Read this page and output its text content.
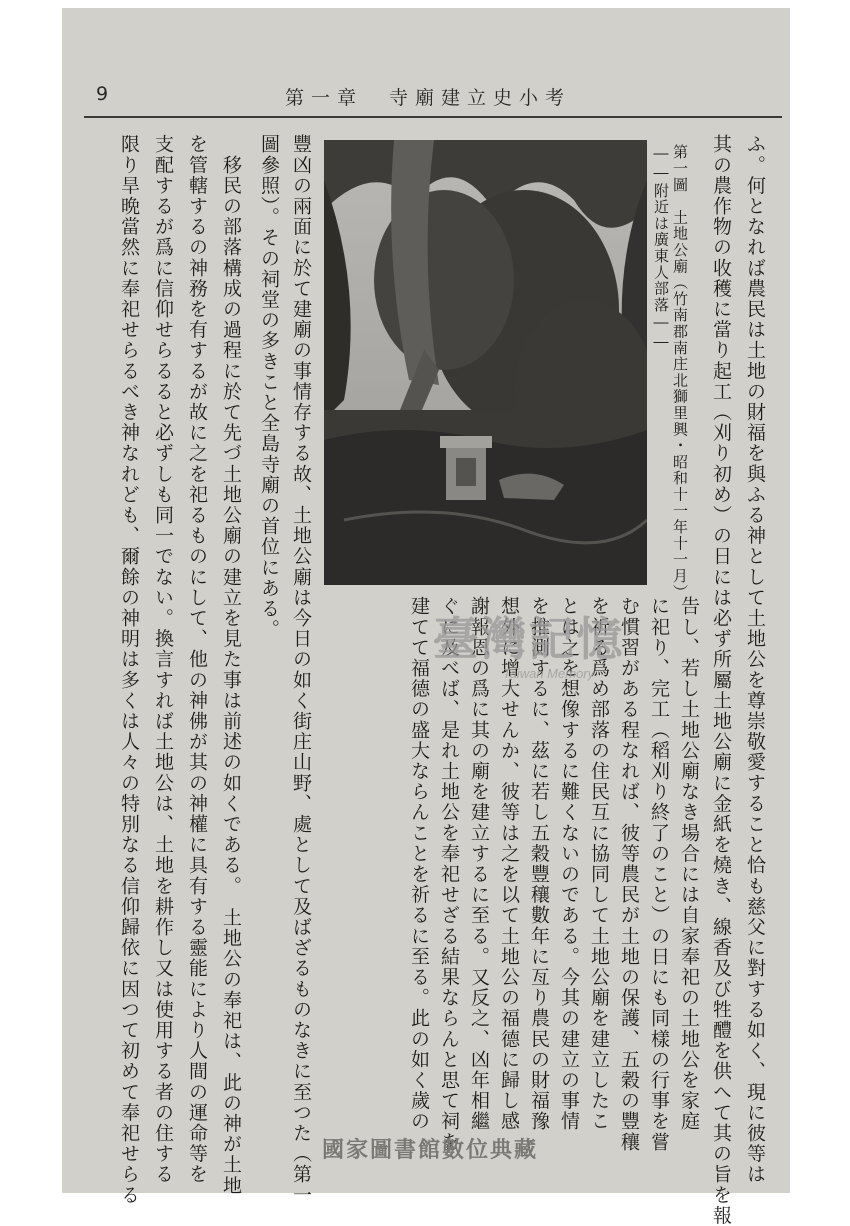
9	第一章　寺廟建立史小考
ふ。何となれば農民は土地の財福を與ふる神として土地公を尊崇敬愛すること恰も慈父に對する如く、現に彼等は
其の農作物の收穫に當り起工（刈り初め）の日には必ず所屬土地公廟に金紙を燒き、線香及び牲醴を供へて其の旨を報
第一圖　土地公廟（竹南郡南庄北獅里興・昭和十一年十一月）
――附近は廣東人部落――
告し、若し土地公廟なき場合には自家奉祀の土地公を家庭
に祀り、完工（稻刈り終了のこと）の日にも同樣の行事を嘗
む慣習がある程なれば、彼等農民が土地の保護、五穀の豐穰
を祈る爲め部落の住民互に協同して土地公廟を建立したこ
とは之を想像するに難くないのである。今其の建立の事情
を推測するに、茲に若し五穀豐穰數年に亙り農民の財福豫
想外に增大せんか、彼等は之を以て土地公の福德に歸し感
謝報恩の爲に其の廟を建立するに至る。又反之、凶年相繼
ぐに及べば、是れ土地公を奉祀せざる結果ならんと思て祠を
建てて福德の盛大ならんことを祈るに至る。此の如く歲の
豐凶の兩面に於て建廟の事情存する故、土地公廟は今日の如く街庄山野、處として及ばざるものなきに至つた（第一
圖參照）。その祠堂の多きこと全島寺廟の首位にある。
　移民の部落構成の過程に於て先づ土地公廟の建立を見た事は前述の如くである。　土地公の奉祀は、此の神が土地
を管轄するの神務を有するが故に之を祀るものにして、他の神佛が其の神權に具有する靈能により人間の運命等を
支配するが爲に信仰せらるると必ずしも同一でない。換言すれば土地公は、土地を耕作し又は使用する者の住する
限り旱晩當然に奉祀せらるべき神なれども、爾餘の神明は多くは人々の特別なる信仰歸依に因つて初めて奉祀せらる	臺灣記憶
Taiwan Memory
國家圖書館數位典藏
